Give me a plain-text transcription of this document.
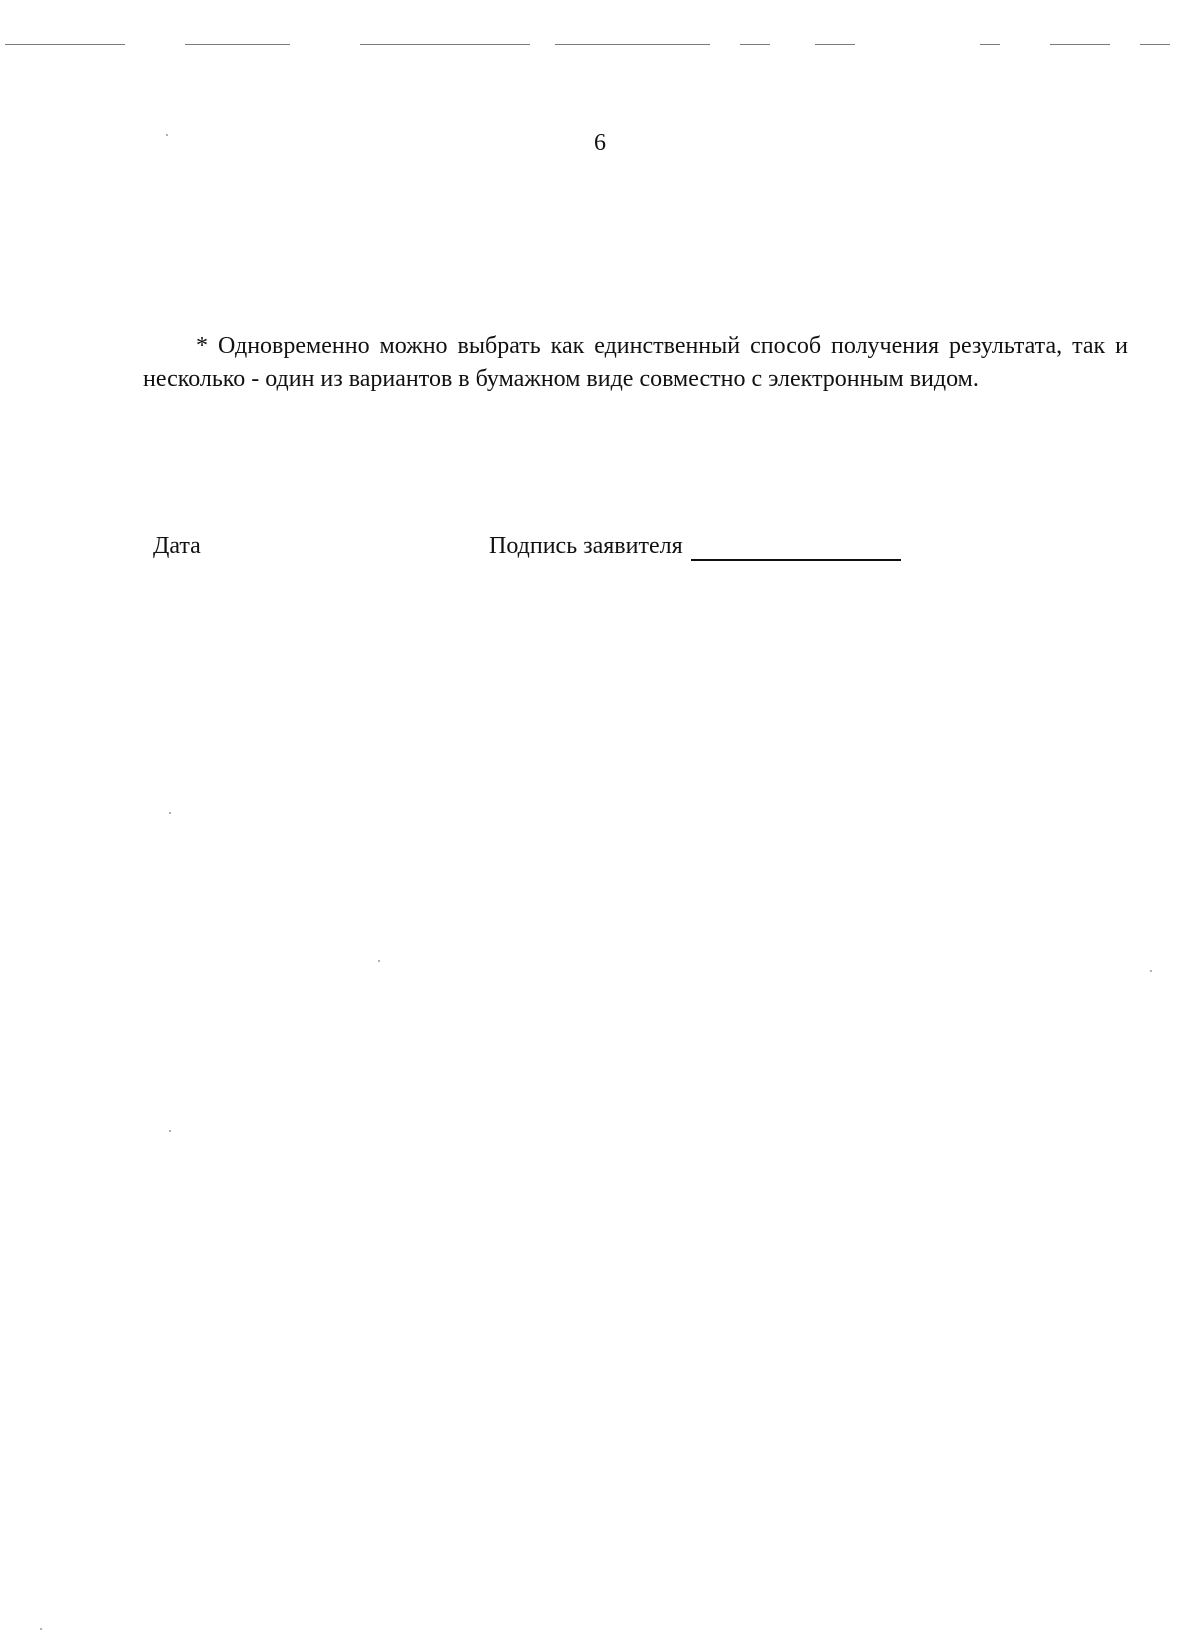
6

* Одновременно можно выбрать как единственный способ получения результата, так и несколько - один из вариантов в бумажном виде совместно с электронным видом.

Дата	Подпись заявителя
